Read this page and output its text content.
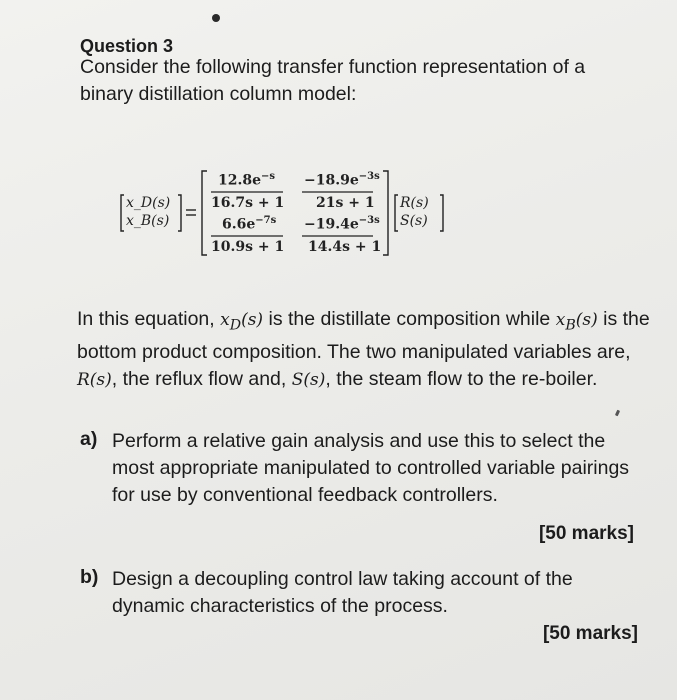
Question 3
Consider the following transfer function representation of a binary distillation column model:
x_D(s)
x_B(s)
$12.8e^{-s}$
16.7s + 1
$-18.9e^{-3s}$
21s + 1
$6.6e^{-7s}$
10.9s + 1
$-19.4e^{-3s}$
14.4s + 1
R(s)
S(s)
In this equation, $x_D(s)$ is the distillate composition while $x_B(s)$ is the bottom product composition. The two manipulated variables are, R(s), the reflux flow and, S(s), the steam flow to the re-boiler.
a) Perform a relative gain analysis and use this to select the most appropriate manipulated to controlled variable pairings for use by conventional feedback controllers.
[50 marks]
b) Design a decoupling control law taking account of the dynamic characteristics of the process.
[50 marks]
